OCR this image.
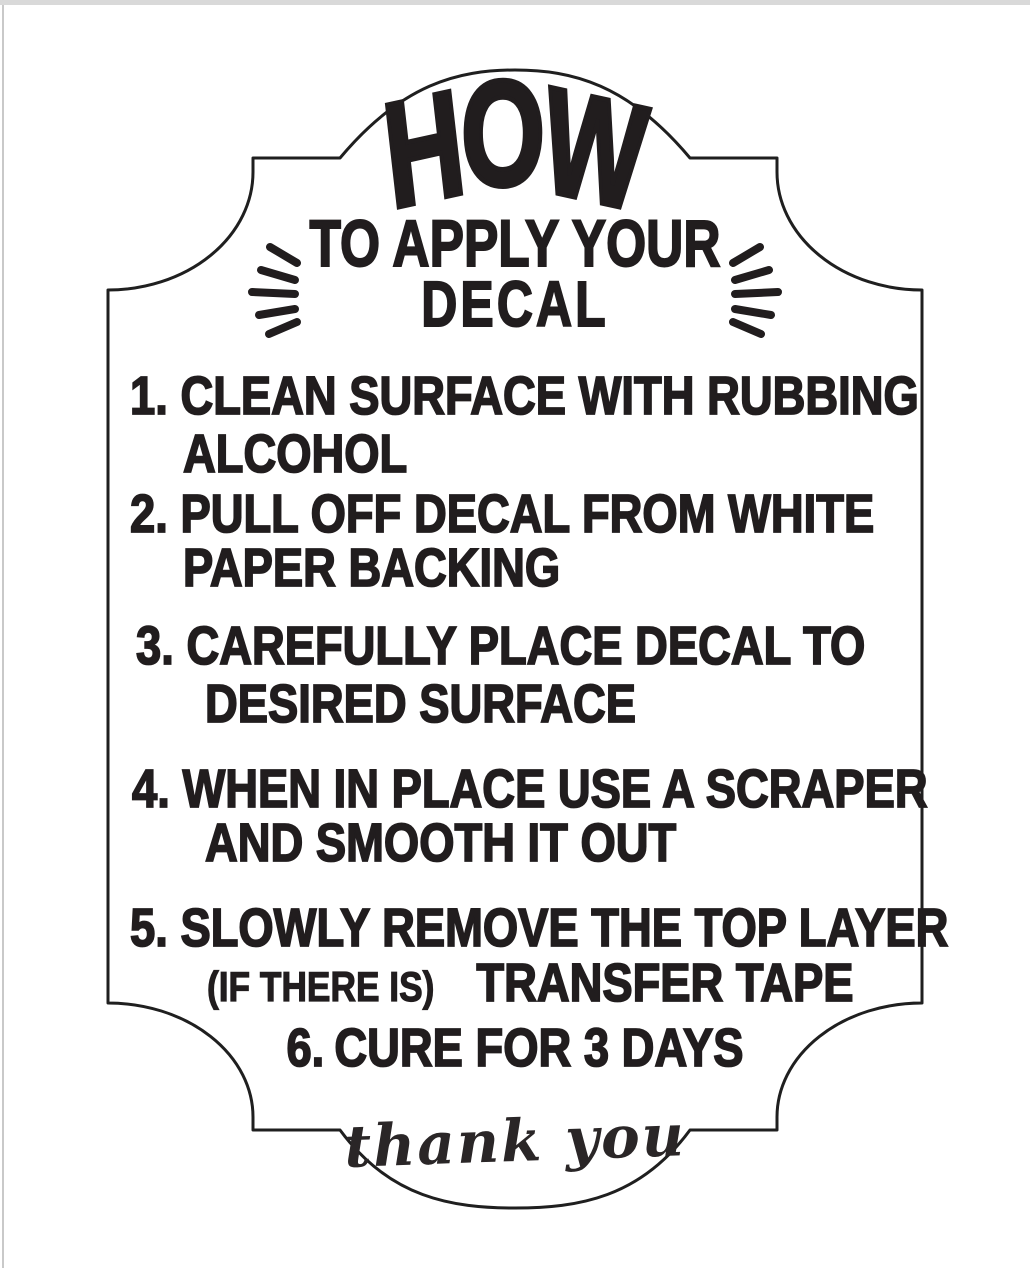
HOW
TO APPLY YOUR
DECAL
1. CLEAN SURFACE WITH RUBBING
ALCOHOL
2. PULL OFF DECAL FROM WHITE
PAPER BACKING
3. CAREFULLY PLACE DECAL TO
DESIRED SURFACE
4. WHEN IN PLACE USE A SCRAPER
AND SMOOTH IT OUT
5. SLOWLY REMOVE THE TOP LAYER
(IF THERE IS) TRANSFER TAPE
6. CURE FOR 3 DAYS
thank you
